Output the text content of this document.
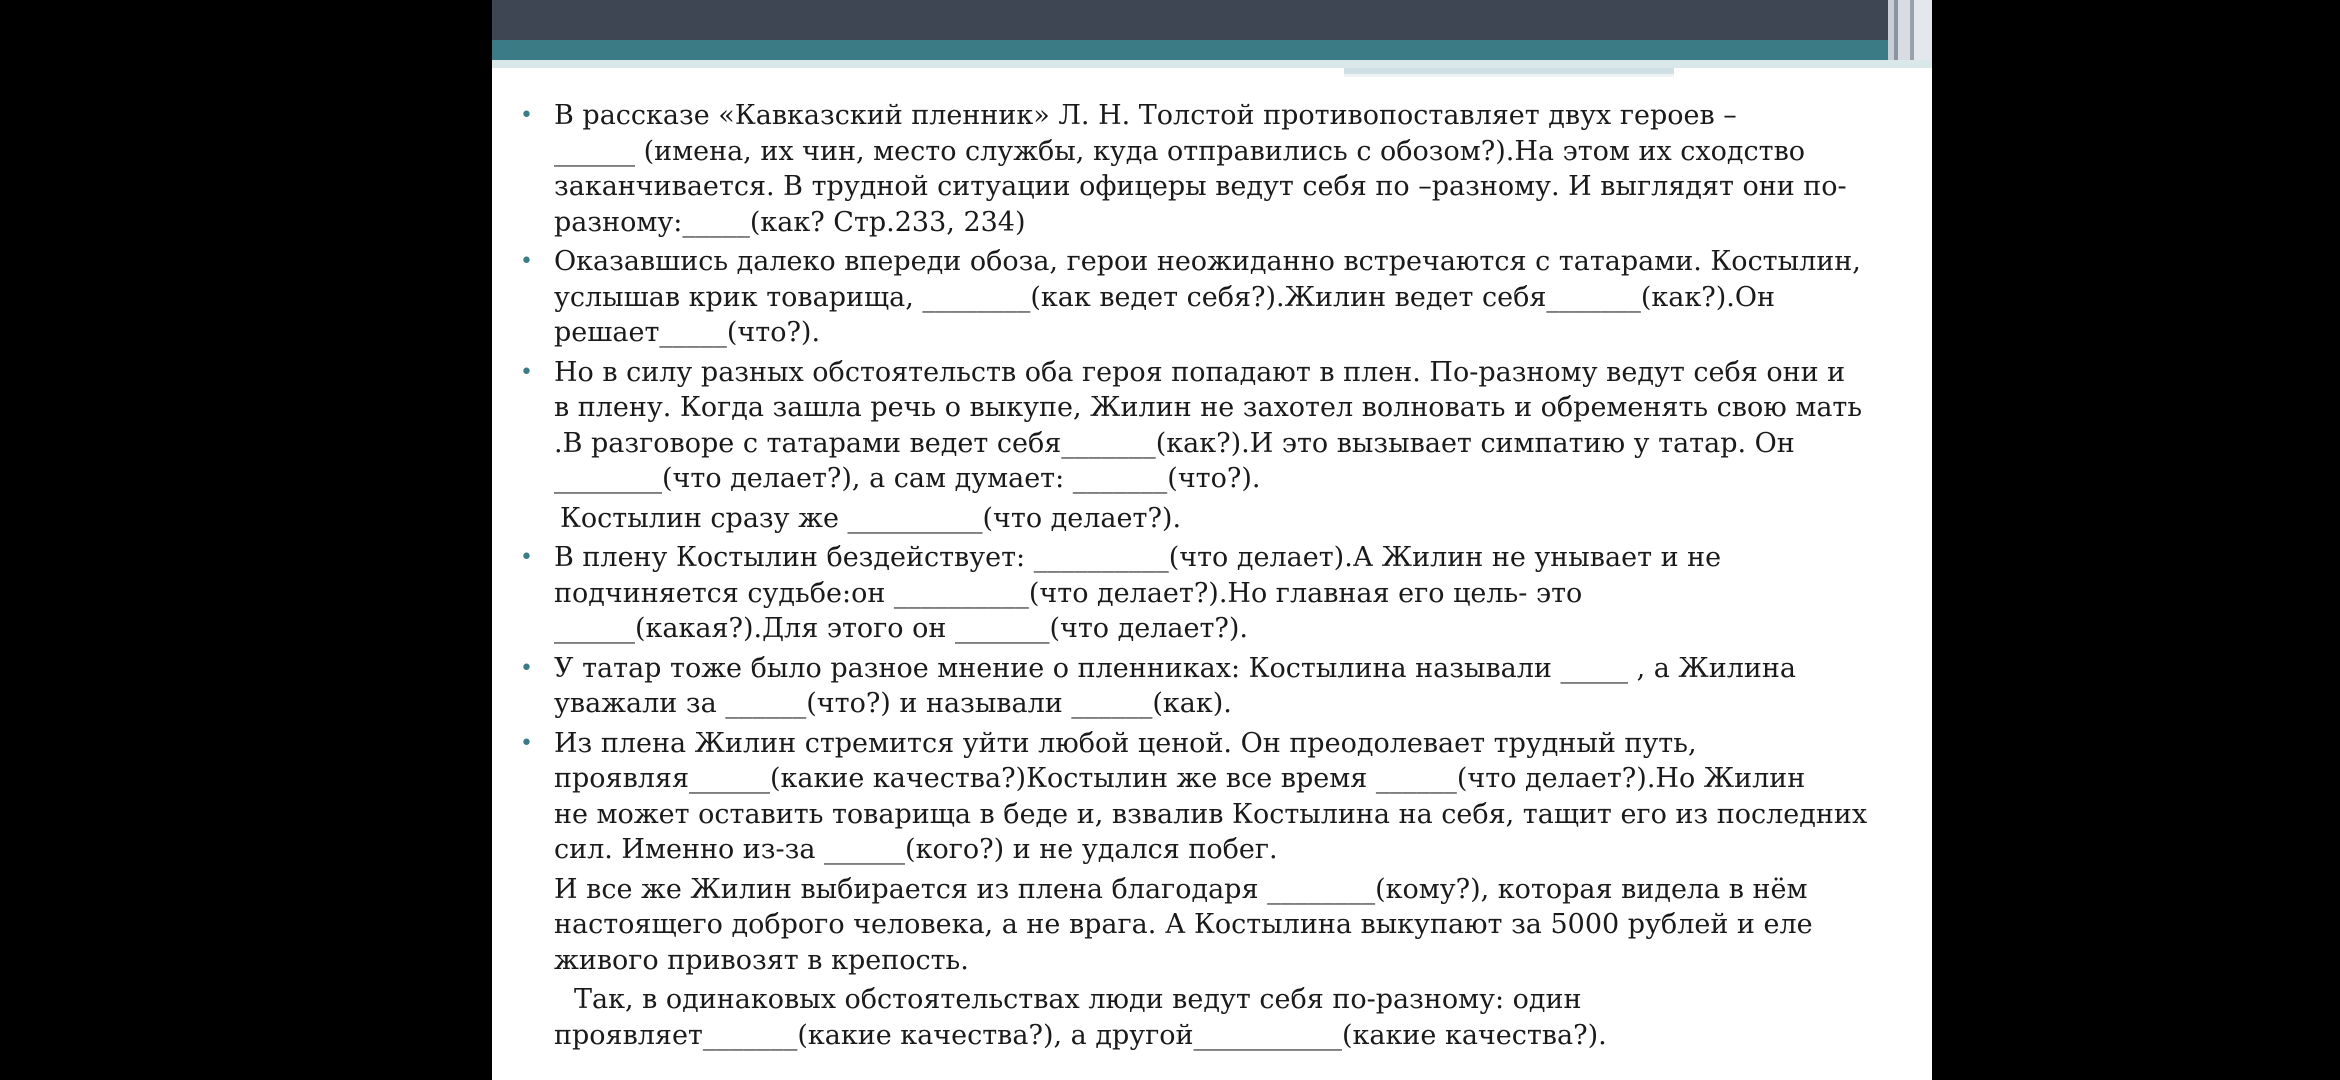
• В рассказе «Кавказский пленник» Л. Н. Толстой противопоставляет двух героев –
______ (имена, их чин, место службы, куда отправились с обозом?).На этом их сходство
заканчивается. В трудной ситуации офицеры ведут себя по –разному. И выглядят они по-
разному:_____(как? Стр.233, 234)
• Оказавшись далеко впереди обоза, герои неожиданно встречаются с татарами. Костылин,
услышав крик товарища, ________(как ведет себя?).Жилин ведет себя_______(как?).Он
решает_____(что?).
• Но в силу разных обстоятельств оба героя попадают в плен. По-разному ведут себя они и
в плену. Когда зашла речь о выкупе, Жилин не захотел волновать и обременять свою мать
.В разговоре с татарами ведет себя_______(как?).И это вызывает симпатию у татар. Он
________(что делает?), а сам думает: _______(что?).
Костылин сразу же __________(что делает?).
• В плену Костылин бездействует: __________(что делает).А Жилин не унывает и не
подчиняется судьбе:он __________(что делает?).Но главная его цель- это
______(какая?).Для этого он _______(что делает?).
• У татар тоже было разное мнение о пленниках: Костылина называли _____ , а Жилина
уважали за ______(что?) и называли ______(как).
• Из плена Жилин стремится уйти любой ценой. Он преодолевает трудный путь,
проявляя______(какие качества?)Костылин же все время ______(что делает?).Но Жилин
не может оставить товарища в беде и, взвалив Костылина на себя, тащит его из последних
сил. Именно из-за ______(кого?) и не удался побег.
И все же Жилин выбирается из плена благодаря ________(кому?), которая видела в нём
настоящего доброго человека, а не врага. А Костылина выкупают за 5000 рублей и еле
живого привозят в крепость.
Так, в одинаковых обстоятельствах люди ведут себя по-разному: один
проявляет_______(какие качества?), а другой___________(какие качества?).
